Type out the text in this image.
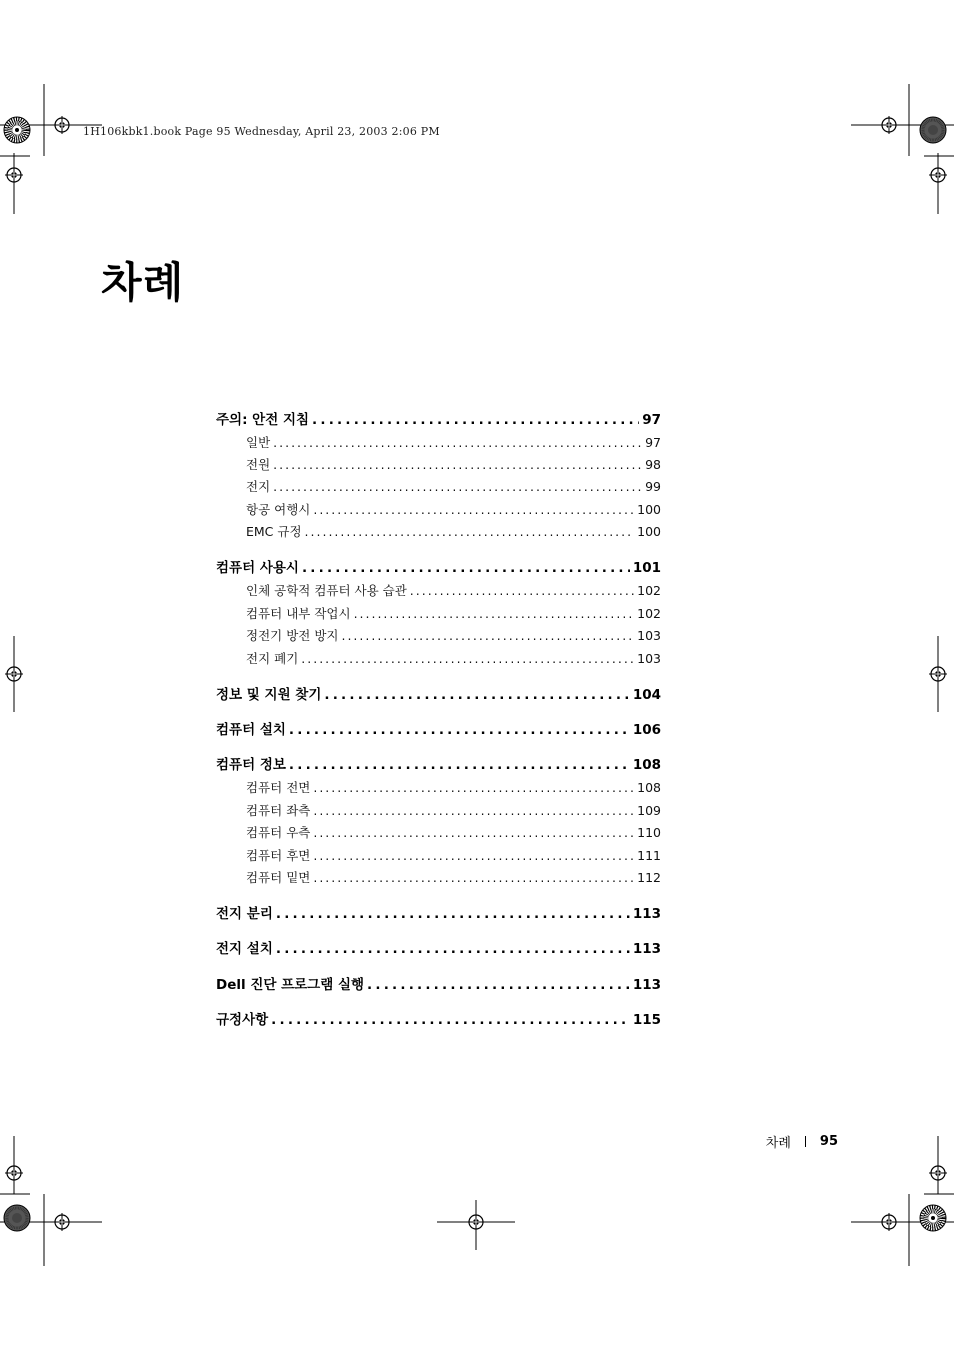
1H106kbk1.book Page 95 Wednesday, April 23, 2003 2:06 PM
차례
주의: 안전 지침 .....	97
일반 .....	97
전원 .....	98
전지 .....	99
항공 여행시 .....	100
EMC 규정 .....	100
컴퓨터 사용시 .....	101
인체 공학적 컴퓨터 사용 습관 .....	102
컴퓨터 내부 작업시 .....	102
정전기 방전 방지 .....	103
전지 폐기 .....	103
정보 및 지원 찾기 .....	104
컴퓨터 설치 .....	106
컴퓨터 정보 .....	108
컴퓨터 전면 .....	108
컴퓨터 좌측 .....	109
컴퓨터 우측 .....	110
컴퓨터 후면 .....	111
컴퓨터 밑면 .....	112
전지 분리 .....	113
전지 설치 .....	113
Dell 진단 프로그램 실행 .....	113
규정사항 .....	115
차례 95
